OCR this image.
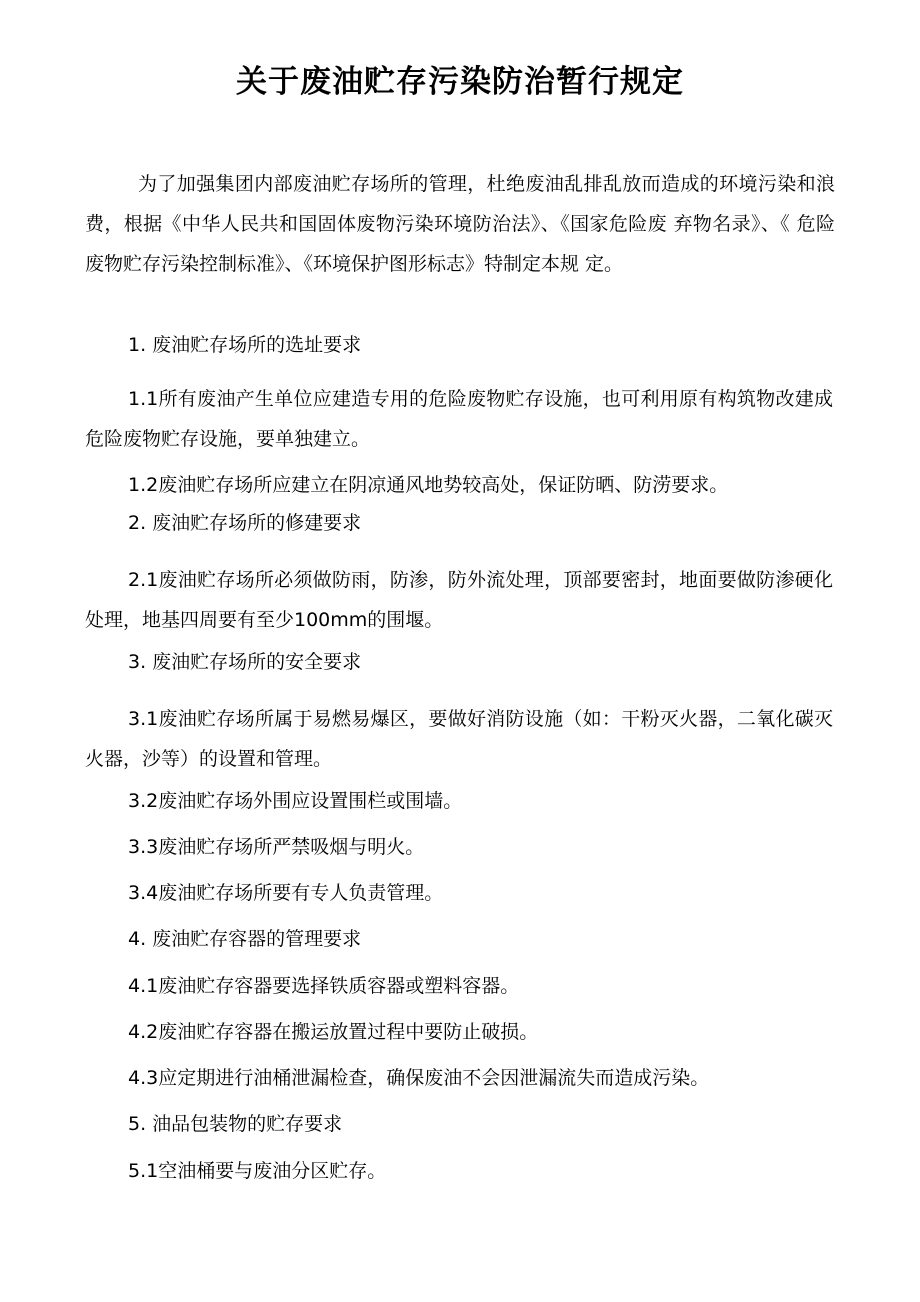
关于废油贮存污染防治暂行规定

为了加强集团内部废油贮存场所的管理，杜绝废油乱排乱放而造成的环境污染和浪费，根据《中华人民共和国固体废物污染环境防治法》、《国家危险废 弃物名录》、《 危险废物贮存污染控制标准》、《环境保护图形标志》特制定本规 定。

1. 废油贮存场所的选址要求

1.1所有废油产生单位应建造专用的危险废物贮存设施，也可利用原有构筑物改建成危险废物贮存设施，要单独建立。

1.2废油贮存场所应建立在阴凉通风地势较高处，保证防晒、防涝要求。

2. 废油贮存场所的修建要求

2.1废油贮存场所必须做防雨，防渗，防外流处理，顶部要密封，地面要做防渗硬化处理，地基四周要有至少100mm的围堰。

3. 废油贮存场所的安全要求

3.1废油贮存场所属于易燃易爆区，要做好消防设施（如：干粉灭火器，二氧化碳灭火器，沙等）的设置和管理。

3.2废油贮存场外围应设置围栏或围墙。

3.3废油贮存场所严禁吸烟与明火。

3.4废油贮存场所要有专人负责管理。

4. 废油贮存容器的管理要求

4.1废油贮存容器要选择铁质容器或塑料容器。

4.2废油贮存容器在搬运放置过程中要防止破损。

4.3应定期进行油桶泄漏检查，确保废油不会因泄漏流失而造成污染。

5. 油品包装物的贮存要求

5.1空油桶要与废油分区贮存。
